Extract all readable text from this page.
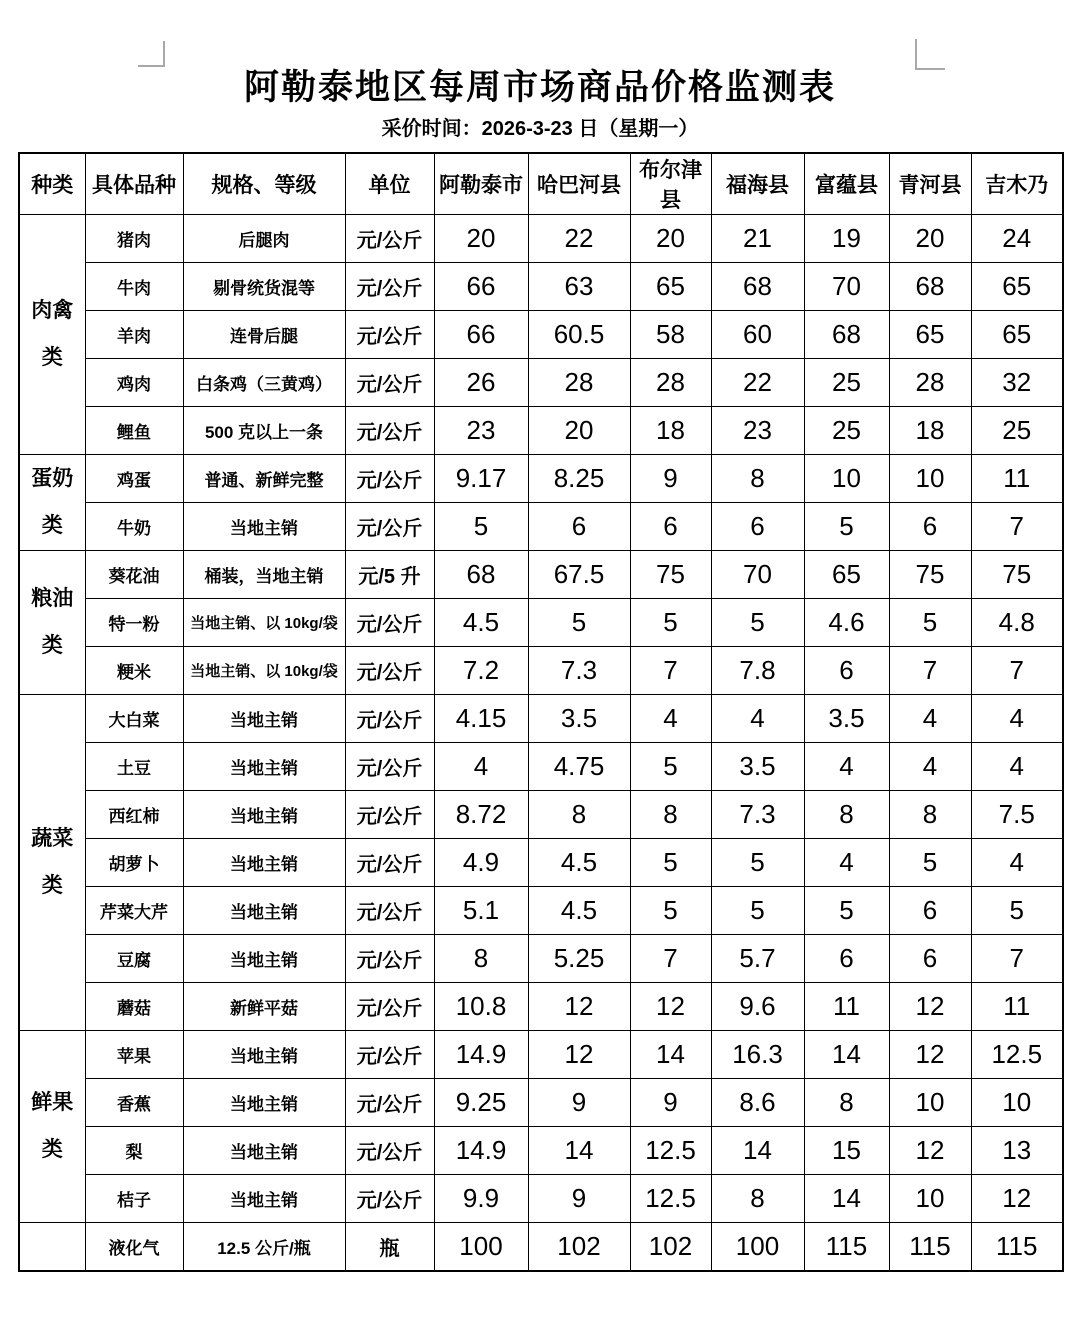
阿勒泰地区每周市场商品价格监测表
采价时间：2026-3-23 日（星期一）
种类	具体品种	规格、等级	单位	阿勒泰市	哈巴河县	布尔津县	福海县	富蕴县	青河县	吉木乃

肉禽
类	猪肉	后腿肉	元/公斤	20	22	20	21	19	20	24
	牛肉	剔骨统货混等	元/公斤	66	63	65	68	70	68	65
	羊肉	连骨后腿	元/公斤	66	60.5	58	60	68	65	65
	鸡肉	白条鸡（三黄鸡）	元/公斤	26	28	28	22	25	28	32
	鲤鱼	500 克以上一条	元/公斤	23	20	18	23	25	18	25

蛋奶
类	鸡蛋	普通、新鲜完整	元/公斤	9.17	8.25	9	8	10	10	11
	牛奶	当地主销	元/公斤	5	6	6	6	5	6	7

粮油
类	葵花油	桶装，当地主销	元/5 升	68	67.5	75	70	65	75	75
	特一粉	当地主销、以 10kg/袋	元/公斤	4.5	5	5	5	4.6	5	4.8
	粳米	当地主销、以 10kg/袋	元/公斤	7.2	7.3	7	7.8	6	7	7

蔬菜
类	大白菜	当地主销	元/公斤	4.15	3.5	4	4	3.5	4	4
	土豆	当地主销	元/公斤	4	4.75	5	3.5	4	4	4
	西红柿	当地主销	元/公斤	8.72	8	8	7.3	8	8	7.5
	胡萝卜	当地主销	元/公斤	4.9	4.5	5	5	4	5	4
	芹菜大芹	当地主销	元/公斤	5.1	4.5	5	5	5	6	5
	豆腐	当地主销	元/公斤	8	5.25	7	5.7	6	6	7
	蘑菇	新鲜平菇	元/公斤	10.8	12	12	9.6	11	12	11

鲜果
类	苹果	当地主销	元/公斤	14.9	12	14	16.3	14	12	12.5
	香蕉	当地主销	元/公斤	9.25	9	9	8.6	8	10	10
	梨	当地主销	元/公斤	14.9	14	12.5	14	15	12	13
	桔子	当地主销	元/公斤	9.9	9	12.5	8	14	10	12

	液化气	12.5 公斤/瓶	瓶	100	102	102	100	115	115	115
